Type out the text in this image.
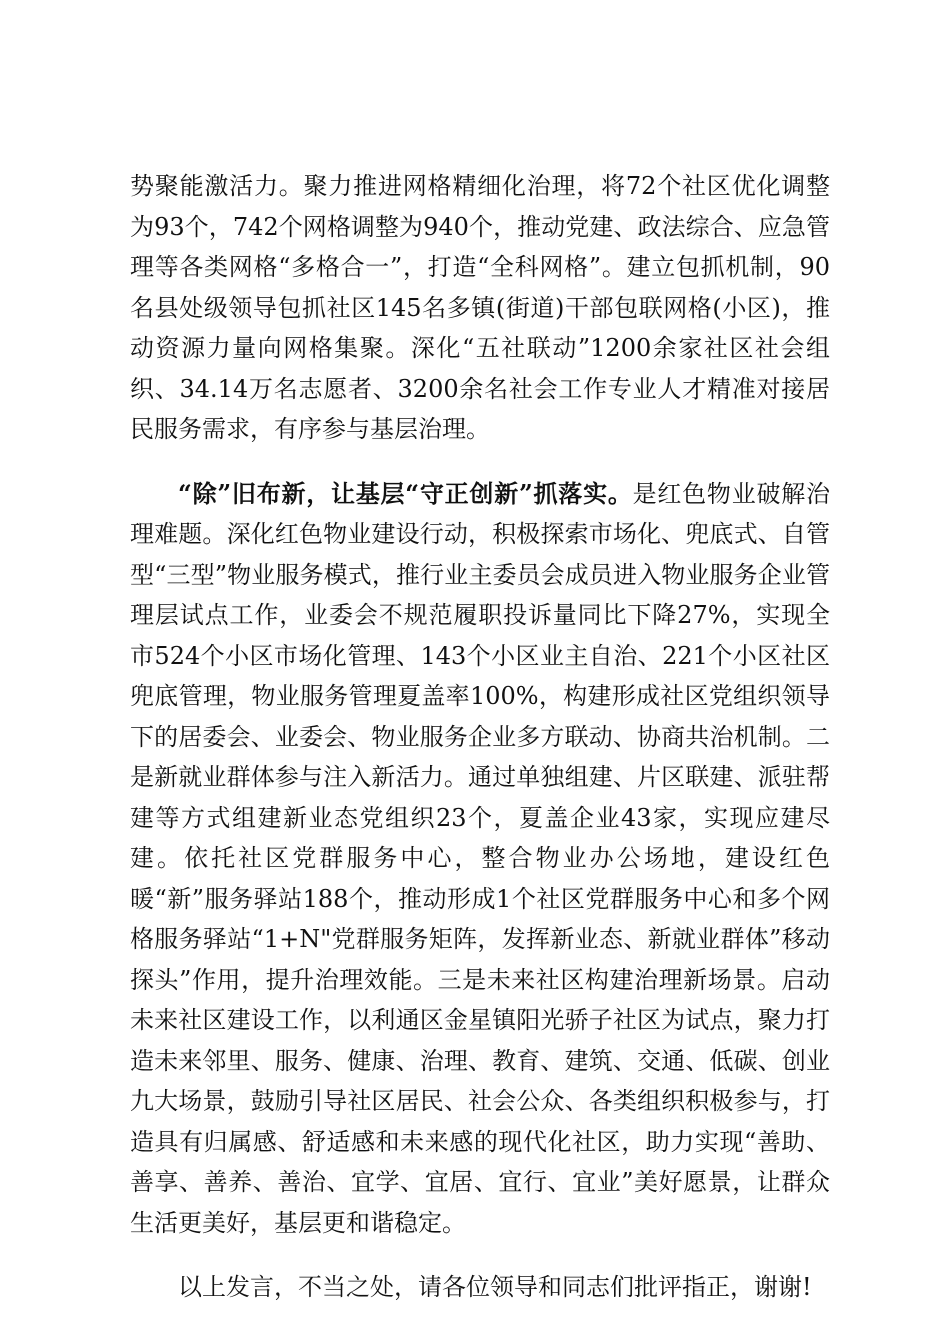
势聚能激活力。聚力推进网格精细化治理，将72个社区优化调整为93个，742个网格调整为940个，推动党建、政法综合、应急管理等各类网格“多格合一”，打造“全科网格”。建立包抓机制，90名县处级领导包抓社区145名多镇(街道)干部包联网格(小区)，推动资源力量向网格集聚。深化“五社联动”1200余家社区社会组织、34.14万名志愿者、3200余名社会工作专业人才精准对接居民服务需求，有序参与基层治理。

“除”旧布新，让基层“守正创新”抓落实。是红色物业破解治理难题。深化红色物业建设行动，积极探索市场化、兜底式、自管型“三型”物业服务模式，推行业主委员会成员进入物业服务企业管理层试点工作，业委会不规范履职投诉量同比下降27%，实现全市524个小区市场化管理、143个小区业主自治、221个小区社区兜底管理，物业服务管理夏盖率100%，构建形成社区党组织领导下的居委会、业委会、物业服务企业多方联动、协商共治机制。二是新就业群体参与注入新活力。通过单独组建、片区联建、派驻帮建等方式组建新业态党组织23个，夏盖企业43家，实现应建尽建。依托社区党群服务中心，整合物业办公场地，建设红色暖“新”服务驿站188个，推动形成1个社区党群服务中心和多个网格服务驿站“1+N"党群服务矩阵，发挥新业态、新就业群体”移动探头”作用，提升治理效能。三是未来社区构建治理新场景。启动未来社区建设工作，以利通区金星镇阳光骄子社区为试点，聚力打造未来邻里、服务、健康、治理、教育、建筑、交通、低碳、创业九大场景，鼓励引导社区居民、社会公众、各类组织积极参与，打造具有归属感、舒适感和未来感的现代化社区，助力实现“善助、善享、善养、善治、宜学、宜居、宜行、宜业”美好愿景，让群众生活更美好，基层更和谐稳定。

以上发言，不当之处，请各位领导和同志们批评指正，谢谢!
